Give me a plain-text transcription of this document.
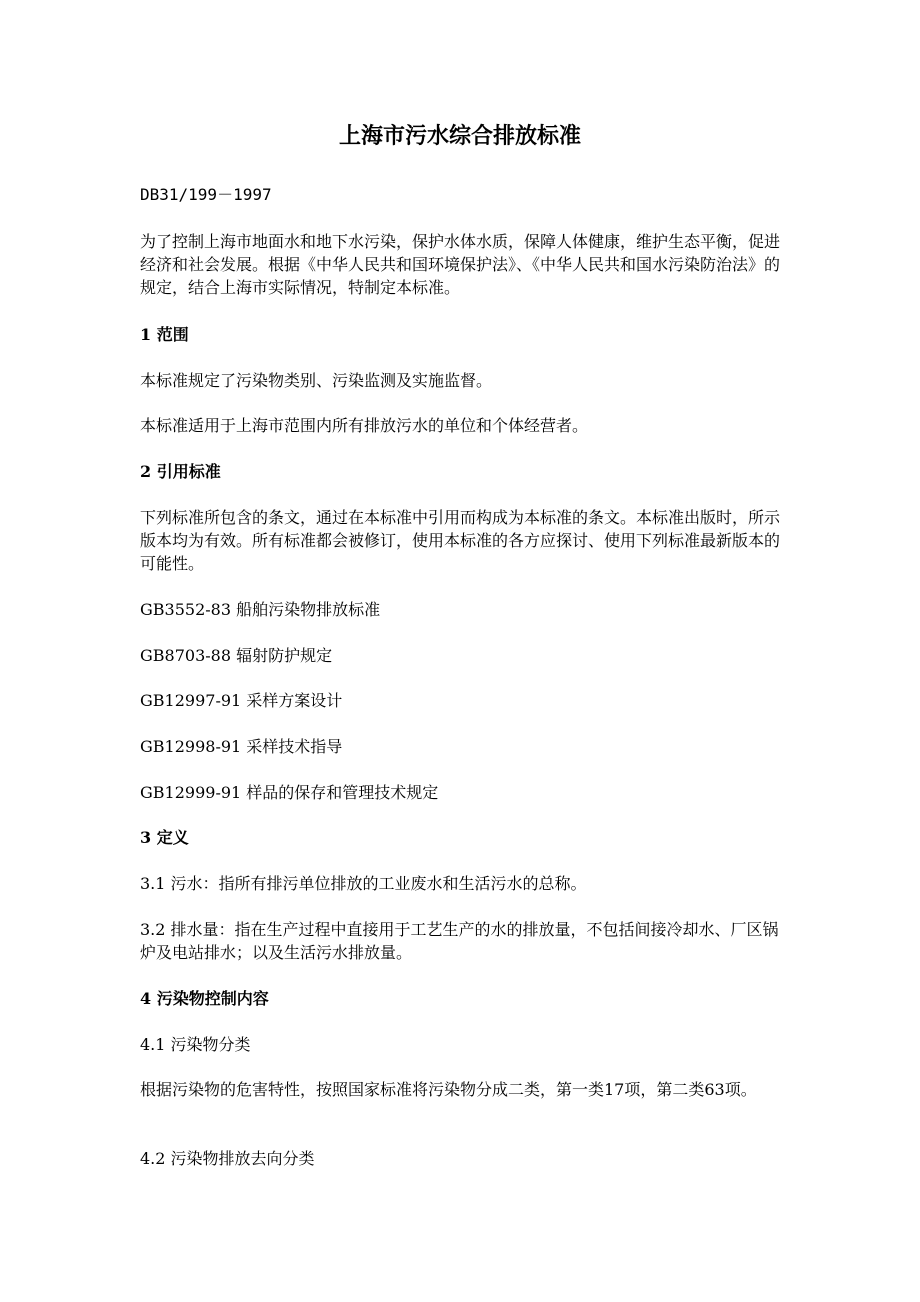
上海市污水综合排放标准

DB31/199－1997

为了控制上海市地面水和地下水污染，保护水体水质，保障人体健康，维护生态平衡，促进经济和社会发展。根据《中华人民共和国环境保护法》、《中华人民共和国水污染防治法》的规定，结合上海市实际情况，特制定本标准。

1 范围

本标准规定了污染物类别、污染监测及实施监督。

本标准适用于上海市范围内所有排放污水的单位和个体经营者。

2 引用标准

下列标准所包含的条文，通过在本标准中引用而构成为本标准的条文。本标准出版时，所示版本均为有效。所有标准都会被修订，使用本标准的各方应探讨、使用下列标准最新版本的可能性。

GB3552-83 船舶污染物排放标准

GB8703-88 辐射防护规定

GB12997-91 采样方案设计

GB12998-91 采样技术指导

GB12999-91 样品的保存和管理技术规定

3 定义

3.1 污水：指所有排污单位排放的工业废水和生活污水的总称。

3.2 排水量：指在生产过程中直接用于工艺生产的水的排放量，不包括间接冷却水、厂区锅炉及电站排水；以及生活污水排放量。

4 污染物控制内容

4.1 污染物分类

根据污染物的危害特性，按照国家标准将污染物分成二类，第一类17项，第二类63项。

4.2 污染物排放去向分类
